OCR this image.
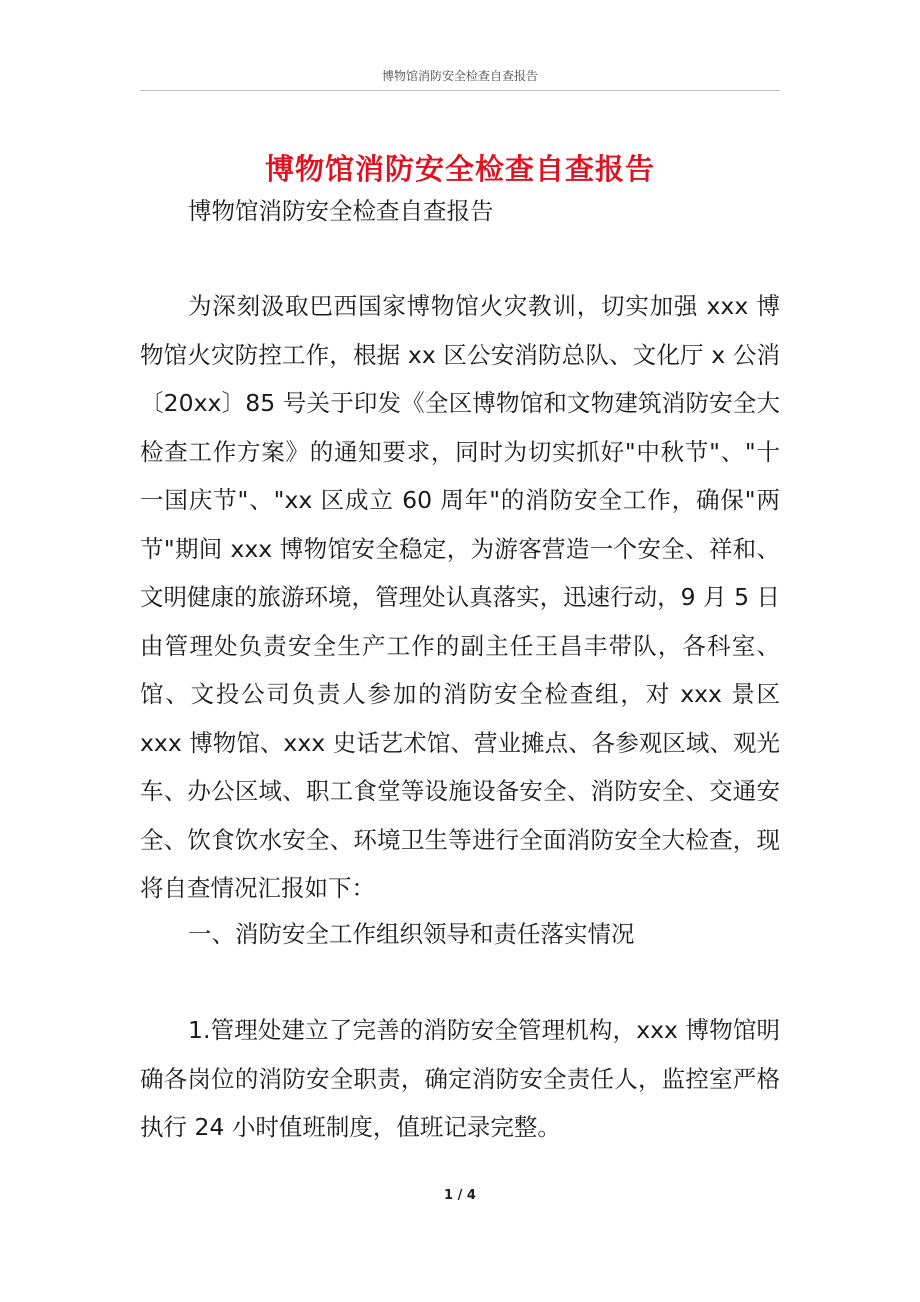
博物馆消防安全检查自查报告
博物馆消防安全检查自查报告

博物馆消防安全检查自查报告

为深刻汲取巴西国家博物馆火灾教训，切实加强 xxx 博物馆火灾防控工作，根据 xx 区公安消防总队、文化厅 x 公消〔20xx〕85 号关于印发《全区博物馆和文物建筑消防安全大检查工作方案》的通知要求，同时为切实抓好"中秋节"、"十一国庆节"、"xx 区成立 60 周年"的消防安全工作，确保"两节"期间 xxx 博物馆安全稳定，为游客营造一个安全、祥和、文明健康的旅游环境，管理处认真落实，迅速行动，9 月 5 日由管理处负责安全生产工作的副主任王昌丰带队，各科室、馆、文投公司负责人参加的消防安全检查组，对 xxx 景区 xxx 博物馆、xxx 史话艺术馆、营业摊点、各参观区域、观光车、办公区域、职工食堂等设施设备安全、消防安全、交通安全、饮食饮水安全、环境卫生等进行全面消防安全大检查，现将自查情况汇报如下：

一、消防安全工作组织领导和责任落实情况

1.管理处建立了完善的消防安全管理机构，xxx 博物馆明确各岗位的消防安全职责，确定消防安全责任人，监控室严格执行 24 小时值班制度，值班记录完整。

1 / 4
